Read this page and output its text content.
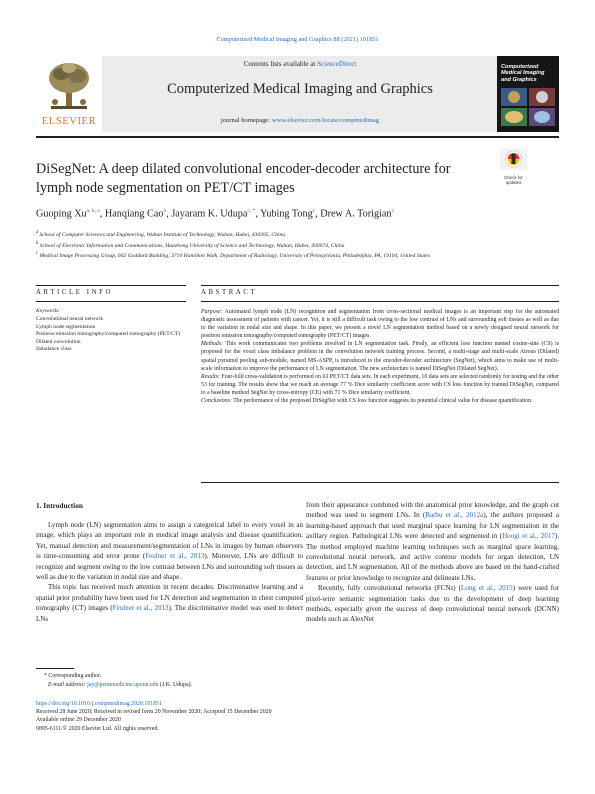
Computerized Medical Imaging and Graphics 88 (2021) 101851
ELSEVIER
Contents lists available at ScienceDirect
Computerized Medical Imaging and Graphics
journal homepage: www.elsevier.com/locate/compmedimag
Computerized Medical Imaging and Graphics
DiSegNet: A deep dilated convolutional encoder-decoder architecture for lymph node segmentation on PET/CT images
Check for updates
Guoping Xu$^{a, b, c}$, Hanqiang Cao$^b$, Jayaram K. Udupa$^{c, *}$, Yubing Tong$^c$, Drew A. Torigian$^c$

$^a$ School of Computer Sciences and Engineering, Wuhan Institute of Technology, Wuhan, Hubei, 430205, China

$^b$ School of Electronic Information and Communications, Huazhong University of Science and Technology, Wuhan, Hubei, 430074, China

$^c$ Medical Image Processing Group, 602 Goddard Building, 3710 Hamilton Walk, Department of Radiology, University of Pennsylvania, Philadelphia, PA, 19104, United States

ARTICLE INFO	ABSTRACT
Keywords:
Convolutional neural network
Lymph node segmentation
Positron emission tomography/computed tomography (PET/CT)
Dilated convolution
Imbalance class

Purpose: Automated lymph node (LN) recognition and segmentation from cross-sectional medical images is an important step for the automated diagnostic assessment of patients with cancer. Yet, it is still a difficult task owing to the low contrast of LNs and surrounding soft tissues as well as due to the variation in nodal size and shape. In this paper, we present a novel LN segmentation method based on a newly designed neural network for positron emission tomography/computed tomography (PET/CT) images.

Methods: This work communicates two problems involved in LN segmentation task. Firstly, an efficient loss function named cosine-sine (CS) is proposed for the voxel class imbalance problem in the convolution network training process. Second, a multi-stage and multi-scale Atrous (Dilated) spatial pyramid pooling sub-module, named MS-ASPP, is introduced to the encoder-decoder architecture (SegNet), which aims to make use of multi-scale information to improve the performance of LN segmentation. The new architecture is named DiSegNet (Dilated SegNet).

Results: Four-fold cross-validation is performed on 63 PET/CT data sets. In each experiment, 10 data sets are selected randomly for testing and the other 53 for training. The results show that we reach an average 77 % Dice similarity coefficient score with CS loss function by trained DiSegNet, compared to a baseline method SegNet by cross-entropy (CE) with 71 % Dice similarity coefficient.

Conclusions: The performance of the proposed DiSegNet with CS loss function suggests its potential clinical value for disease quantification.

1. Introduction

Lymph node (LN) segmentation aims to assign a categorical label to every voxel in an image, which plays an important role in medical image analysis and disease quantification. Yet, manual detection and measurement/segmentation of LNs in images by human observers is time-consuming and error prone (Feulner et al., 2013). Moreover, LNs are difficult to recognize and segment owing to the low contrast between LNs and surrounding soft tissues as well as due to the variation in nodal size and shape.

This topic has received much attention in recent decades. Discriminative learning and a spatial prior probability have been used for LN detection and segmentation in chest computed tomography (CT) images (Feulner et al., 2013). The discriminative model was used to detect LNs

from their appearance combined with the anatomical prior knowledge, and the graph cut method was used to segment LNs. In (Barbu et al., 2012a), the authors proposed a learning-based approach that used marginal space learning for LN segmentation in the axillary region. Pathological LNs were detected and segmented in (Hoogi et al., 2017). The method employed machine learning techniques such as marginal space learning, convolutional neural network, and active contour models for organ detection, LN detection, and LN segmentation. All of the methods above are based on the hand-crafted features or prior knowledge to recognize and delineate LNs.

Recently, fully convolutional networks (FCNs) (Long et al., 2015) were used for pixel-wire semantic segmentation tasks due to the development of deep learning methods, especially given the success of deep convolutional neural network (DCNN) models such as AlexNet

* Corresponding author.
E-mail address: jay@pennmedicine.upenn.edu (J.K. Udupa).
https://doi.org/10.1016/j.compmedimag.2020.101851
Received 28 June 2020; Received in revised form 20 November 2020; Accepted 15 December 2020
Available online 29 December 2020
0895-6111/© 2020 Elsevier Ltd. All rights reserved.
